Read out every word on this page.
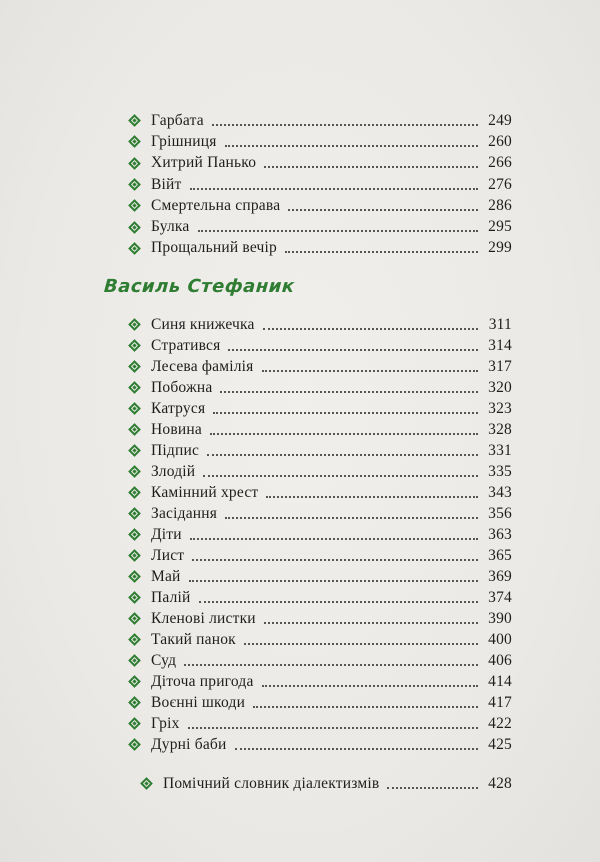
Гарбата	249
Грішниця	260
Хитрий Панько	266
Війт	276
Смертельна справа	286
Булка	295
Прощальний вечір	299
Василь Стефаник
Синя книжечка	311
Стратився	314
Лесева фамілія	317
Побожна	320
Катруся	323
Новина	328
Підпис	331
Злодій	335
Камінний хрест	343
Засідання	356
Діти	363
Лист	365
Май	369
Палій	374
Кленові листки	390
Такий панок	400
Суд	406
Діточа пригода	414
Воєнні шкоди	417
Гріх	422
Дурні баби	425
Помічний словник діалектизмів	428
